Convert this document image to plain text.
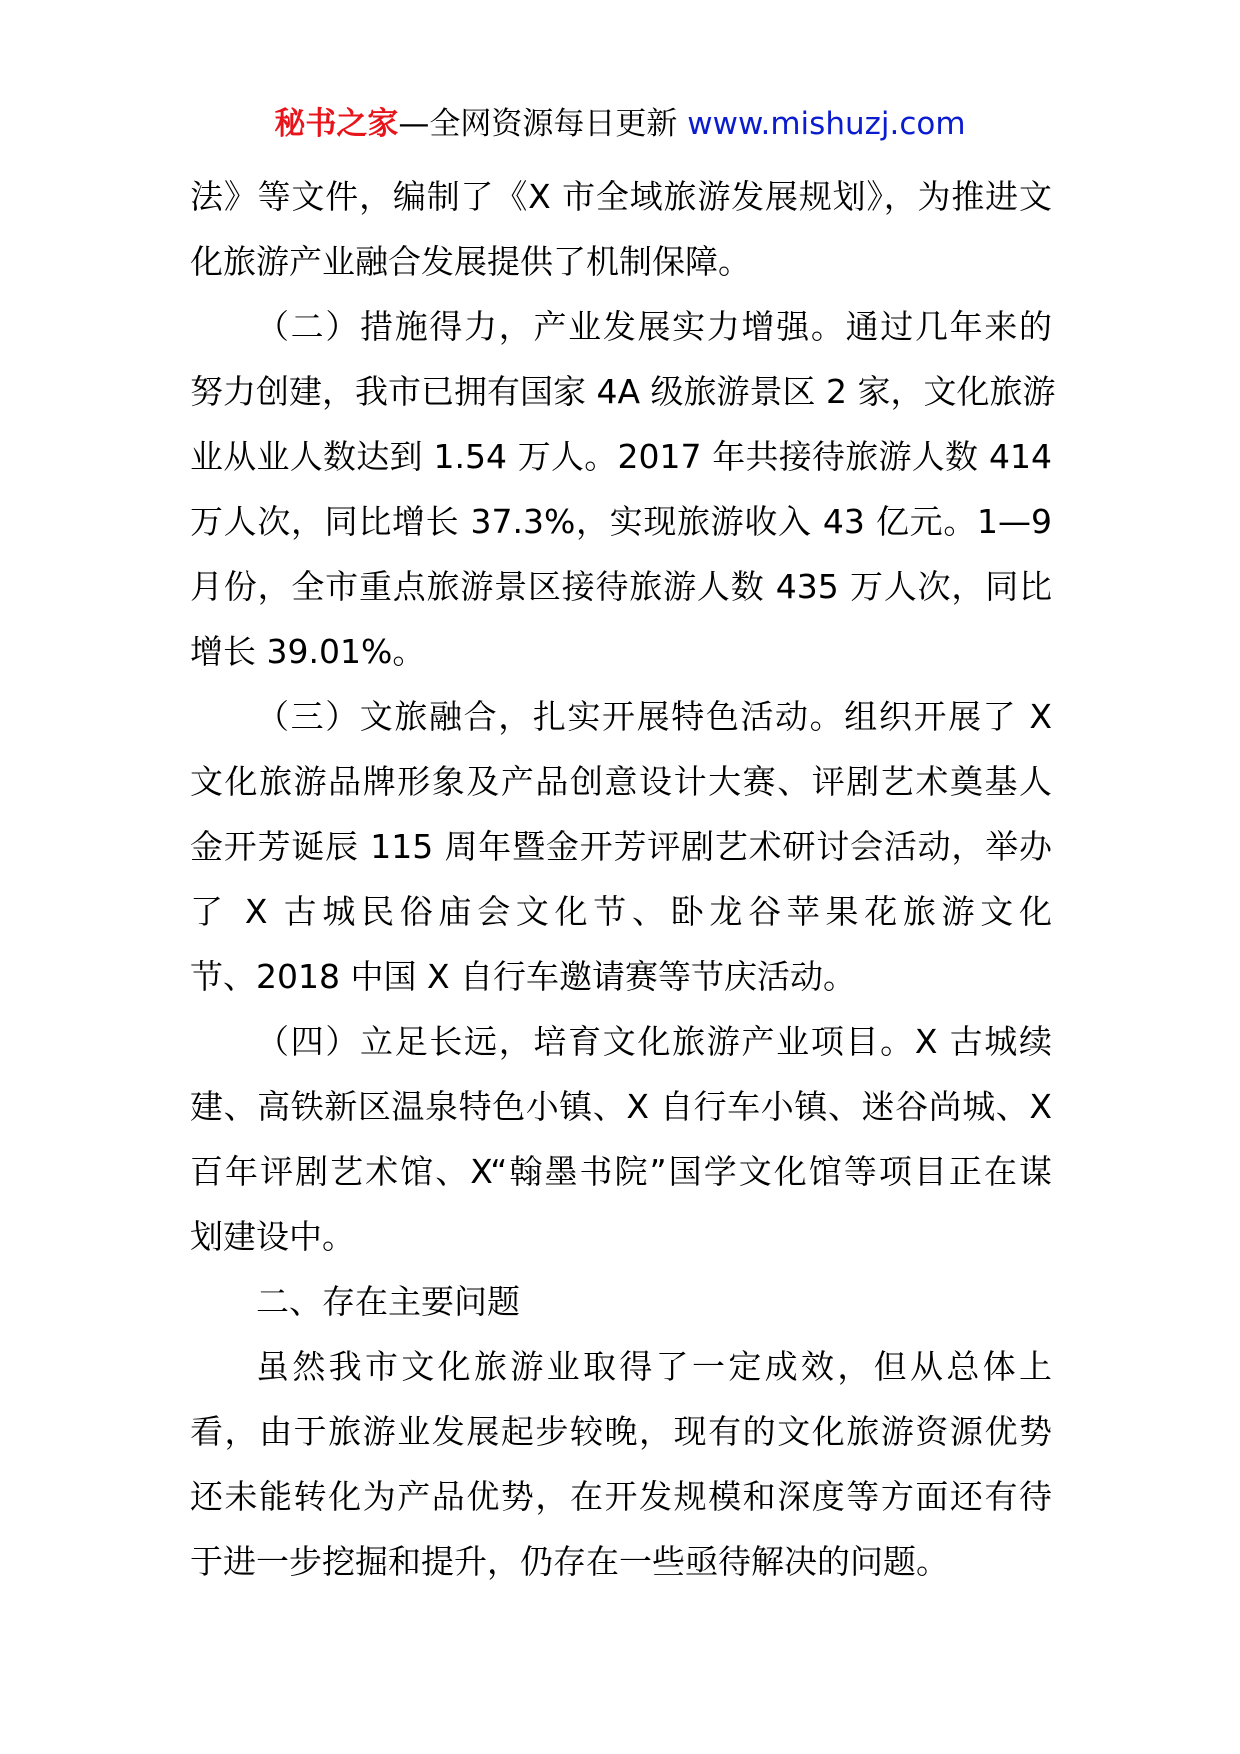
秘书之家—全网资源每日更新 www.mishuzj.com
法》等文件，编制了《X 市全域旅游发展规划》，为推进文
化旅游产业融合发展提供了机制保障。
（二）措施得力，产业发展实力增强。通过几年来的
努力创建，我市已拥有国家 4A 级旅游景区 2 家，文化旅游
业从业人数达到 1.54 万人。2017 年共接待旅游人数 414
万人次，同比增长 37.3%，实现旅游收入 43 亿元。1—9
月份，全市重点旅游景区接待旅游人数 435 万人次，同比
增长 39.01%。
（三）文旅融合，扎实开展特色活动。组织开展了 X
文化旅游品牌形象及产品创意设计大赛、评剧艺术奠基人
金开芳诞辰 115 周年暨金开芳评剧艺术研讨会活动，举办
了 X 古城民俗庙会文化节、卧龙谷苹果花旅游文化
节、2018 中国 X 自行车邀请赛等节庆活动。
（四）立足长远，培育文化旅游产业项目。X 古城续
建、高铁新区温泉特色小镇、X 自行车小镇、迷谷尚城、X
百年评剧艺术馆、X“翰墨书院”国学文化馆等项目正在谋
划建设中。
二、存在主要问题
虽然我市文化旅游业取得了一定成效，但从总体上
看，由于旅游业发展起步较晚，现有的文化旅游资源优势
还未能转化为产品优势，在开发规模和深度等方面还有待
于进一步挖掘和提升，仍存在一些亟待解决的问题。
